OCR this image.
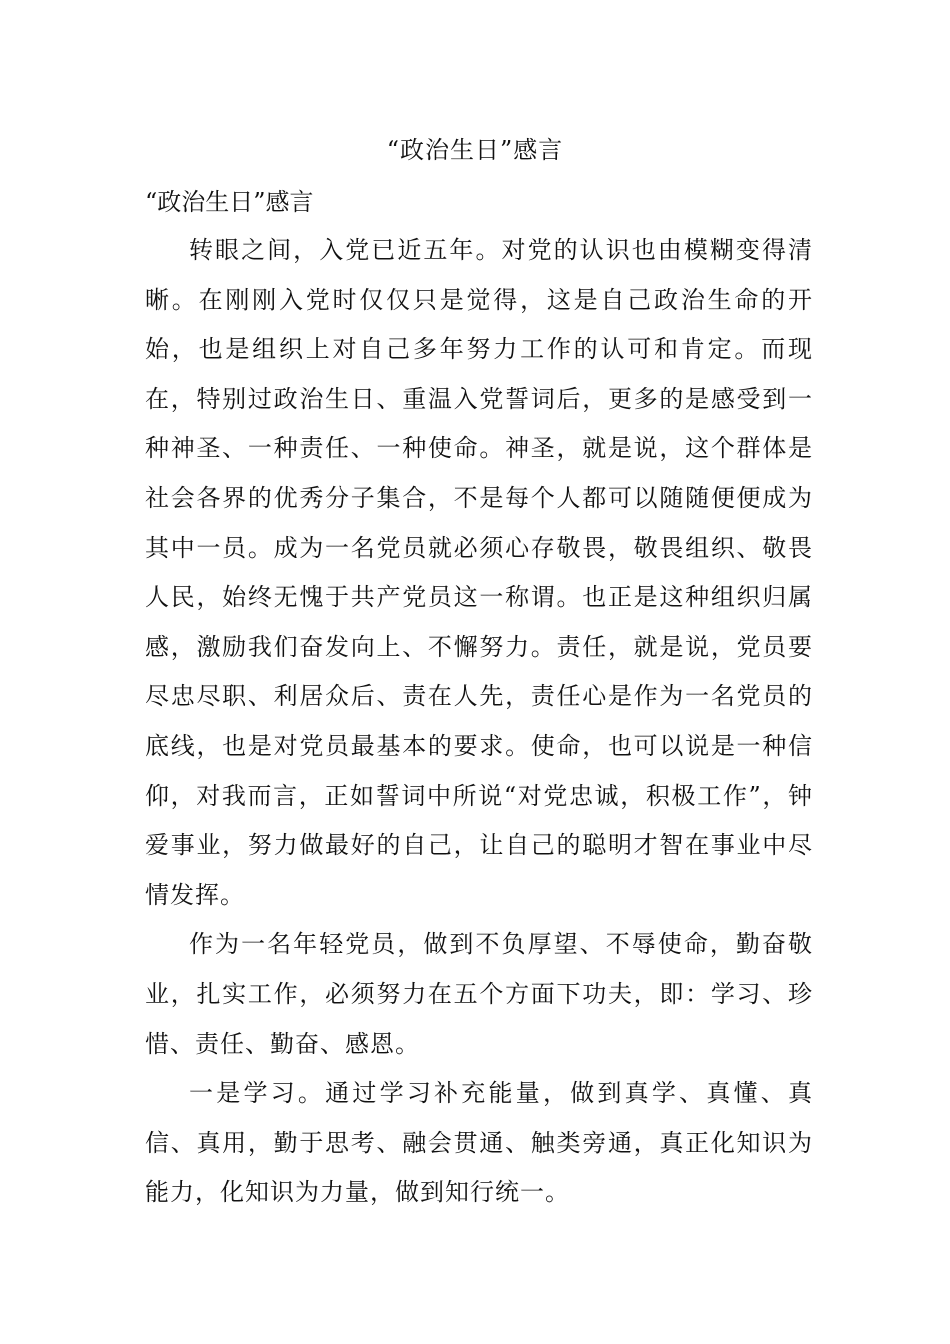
“政治生日”感言
“政治生日”感言

转眼之间，入党已近五年。对党的认识也由模糊变得清晰。在刚刚入党时仅仅只是觉得，这是自己政治生命的开始，也是组织上对自己多年努力工作的认可和肯定。而现在，特别过政治生日、重温入党誓词后，更多的是感受到一种神圣、一种责任、一种使命。神圣，就是说，这个群体是社会各界的优秀分子集合，不是每个人都可以随随便便成为其中一员。成为一名党员就必须心存敬畏，敬畏组织、敬畏人民，始终无愧于共产党员这一称谓。也正是这种组织归属感，激励我们奋发向上、不懈努力。责任，就是说，党员要尽忠尽职、利居众后、责在人先，责任心是作为一名党员的底线，也是对党员最基本的要求。使命，也可以说是一种信仰，对我而言，正如誓词中所说“对党忠诚，积极工作”，钟爱事业，努力做最好的自己，让自己的聪明才智在事业中尽情发挥。

作为一名年轻党员，做到不负厚望、不辱使命，勤奋敬业，扎实工作，必须努力在五个方面下功夫，即：学习、珍惜、责任、勤奋、感恩。

一是学习。通过学习补充能量，做到真学、真懂、真信、真用，勤于思考、融会贯通、触类旁通，真正化知识为能力，化知识为力量，做到知行统一。
